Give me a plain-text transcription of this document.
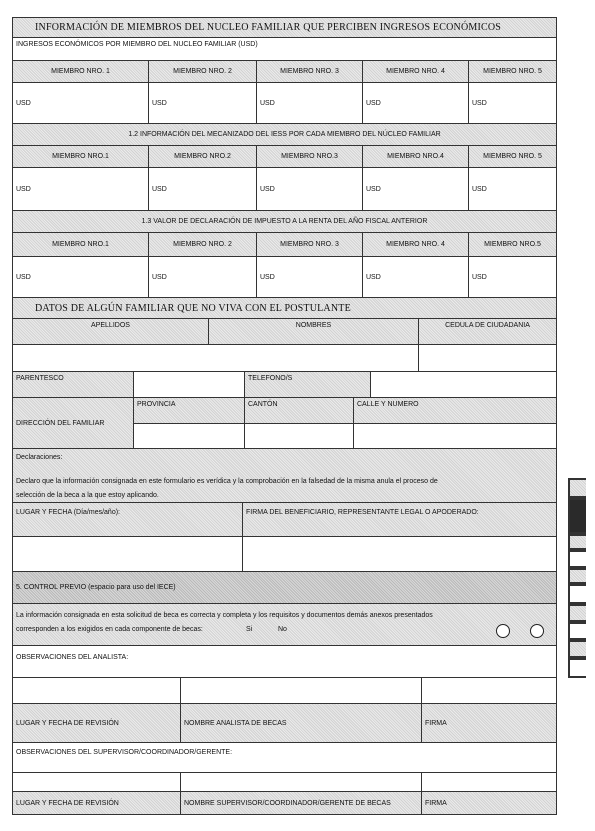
INFORMACIÓN DE MIEMBROS DEL NUCLEO FAMILIAR QUE PERCIBEN INGRESOS ECONÓMICOS
INGRESOS ECONÓMICOS POR MIEMBRO DEL NUCLEO FAMILIAR (USD)
MIEMBRO NRO. 1	MIEMBRO NRO. 2	MIEMBRO NRO. 3	MIEMBRO NRO. 4	MIEMBRO NRO. 5
USD	USD	USD	USD	USD
1.2 INFORMACIÓN DEL MECANIZADO DEL IESS POR CADA MIEMBRO DEL NÚCLEO FAMILIAR
MIEMBRO NRO.1	MIEMBRO NRO.2	MIEMBRO NRO.3	MIEMBRO NRO.4	MIEMBRO NRO. 5
USD	USD	USD	USD	USD
1.3 VALOR DE DECLARACIÓN DE IMPUESTO A LA RENTA DEL AÑO FISCAL ANTERIOR
MIEMBRO NRO.1	MIEMBRO NRO. 2	MIEMBRO NRO. 3	MIEMBRO NRO. 4	MIEMBRO NRO.5
USD	USD	USD	USD	USD
DATOS DE ALGÚN FAMILIAR QUE NO VIVA CON EL POSTULANTE
APELLIDOS	NOMBRES	CEDULA DE CIUDADANIA
PARENTESCO	TELEFONO/S
DIRECCIÓN DEL FAMILIAR
PROVINCIA	CANTÓN	CALLE Y NUMERO
Declaraciones:
Declaro que la información consignada en este formulario es verídica y la comprobación en la falsedad de la misma anula el proceso de
selección de la beca a la que estoy aplicando.
LUGAR Y FECHA (Día/mes/año):	FIRMA DEL BENEFICIARIO, REPRESENTANTE LEGAL O APODERADO:
5. CONTROL PREVIO (espacio para uso del IECE)
La información consignada en esta solicitud de beca es correcta y completa y los requisitos y documentos demás anexos presentados
corresponden a los exigidos en cada componente de becas:	Si	No
OBSERVACIONES DEL ANALISTA:
LUGAR Y FECHA DE REVISIÓN	NOMBRE ANALISTA DE BECAS	FIRMA
OBSERVACIONES DEL SUPERVISOR/COORDINADOR/GERENTE:
LUGAR Y FECHA DE REVISIÓN	NOMBRE SUPERVISOR/COORDINADOR/GERENTE DE BECAS	FIRMA
